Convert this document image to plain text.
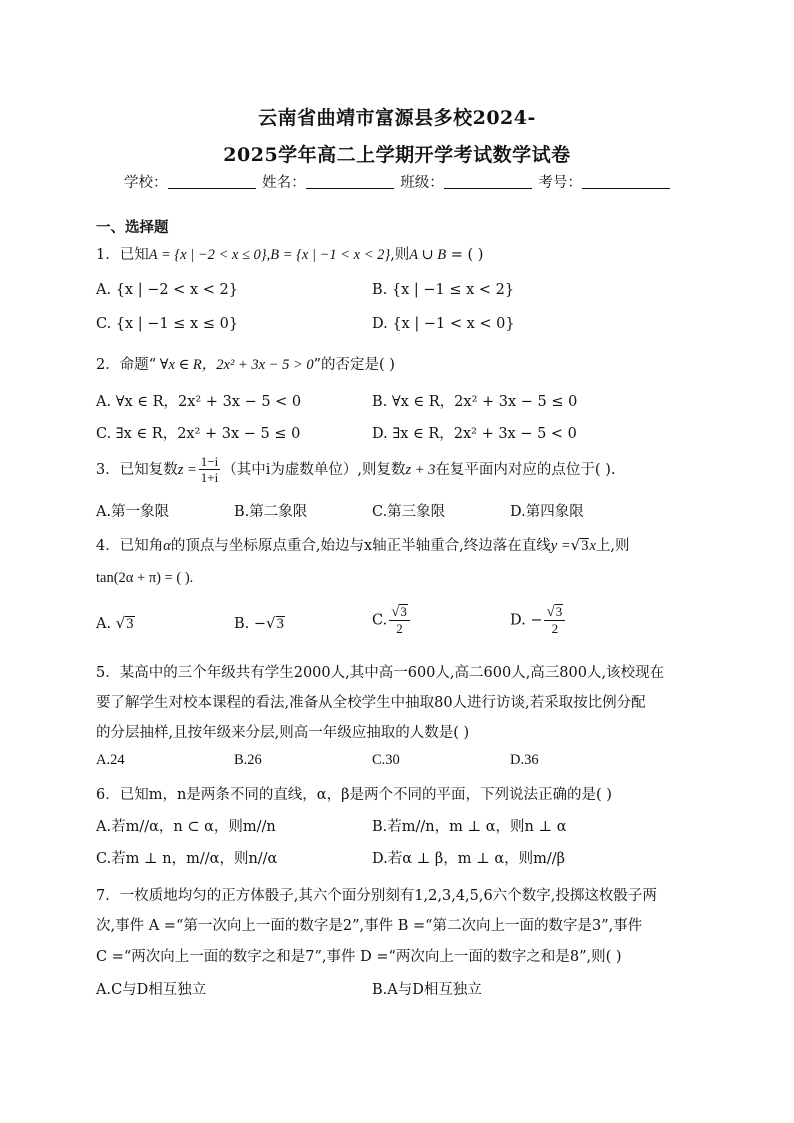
云南省曲靖市富源县多校2024-
2025学年高二上学期开学考试数学试卷
学校：	姓名：	班级：	考号：
一、选择题
1．已知A = {x | −2 < x ≤ 0},B = {x | −1 < x < 2},则A ∪ B = ( )
A. {x | −2 < x < 2}	B. {x | −1 ≤ x < 2}
C. {x | −1 ≤ x ≤ 0}	D. {x | −1 < x < 0}
2．命题“ ∀x ∈ R，2x² + 3x − 5 > 0”的否定是( )
A. ∀x ∈ R，2x² + 3x − 5 < 0	B. ∀x ∈ R，2x² + 3x − 5 ≤ 0
C. ∃x ∈ R，2x² + 3x − 5 ≤ 0	D. ∃x ∈ R，2x² + 3x − 5 < 0
3．已知复数$z = \frac{1-i}{1+i}$ （其中i为虚数单位）,则复数z + 3在复平面内对应的点位于( ).
A.第一象限	B.第二象限	C.第三象限	D.第四象限
4．已知角α的顶点与坐标原点重合,始边与x轴正半轴重合,终边落在直线y =√3x上,则
tan(2α + π) = ( ).
A. √3	B. −√3	C. $\frac{√3}{2}$	D. − $\frac{√3}{2}$
5．某高中的三个年级共有学生2000人,其中高一600人,高二600人,高三800人,该校现在
要了解学生对校本课程的看法,准备从全校学生中抽取80人进行访谈,若采取按比例分配
的分层抽样,且按年级来分层,则高一年级应抽取的人数是( )
A.24	B.26	C.30	D.36
6．已知m，n是两条不同的直线，α，β是两个不同的平面，下列说法正确的是( )
A.若m//α，n ⊂ α，则m//n	B.若m//n，m ⊥ α，则n ⊥ α
C.若m ⊥ n，m//α，则n//α	D.若α ⊥ β，m ⊥ α，则m//β
7．一枚质地均匀的正方体骰子,其六个面分别刻有1,2,3,4,5,6六个数字,投掷这枚骰子两
次,事件 A =“第一次向上一面的数字是2”,事件 B =“第二次向上一面的数字是3”,事件
C =“两次向上一面的数字之和是7”,事件 D =“两次向上一面的数字之和是8”,则( )
A.C与D相互独立	B.A与D相互独立
